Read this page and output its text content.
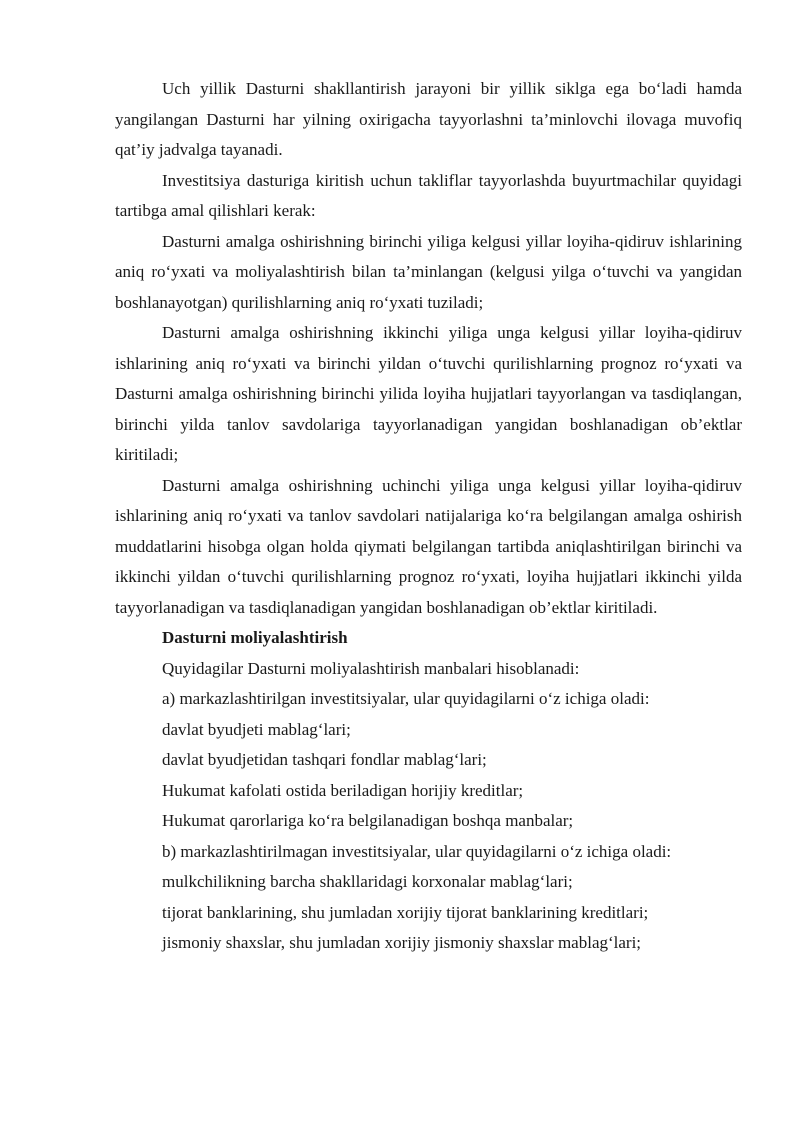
Uch yillik Dasturni shakllantirish jarayoni bir yillik siklga ega bo‘ladi hamda yangilangan Dasturni har yilning oxirigacha tayyorlashni ta’minlovchi ilovaga muvofiq qat’iy jadvalga tayanadi.

Investitsiya dasturiga kiritish uchun takliflar tayyorlashda buyurtmachilar quyidagi tartibga amal qilishlari kerak:

Dasturni amalga oshirishning birinchi yiliga kelgusi yillar loyiha-qidiruv ishlarining aniq ro‘yxati va moliyalashtirish bilan ta’minlangan (kelgusi yilga o‘tuvchi va yangidan boshlanayotgan) qurilishlarning aniq ro‘yxati tuziladi;

Dasturni amalga oshirishning ikkinchi yiliga unga kelgusi yillar loyiha-qidiruv ishlarining aniq ro‘yxati va birinchi yildan o‘tuvchi qurilishlarning prognoz ro‘yxati va Dasturni amalga oshirishning birinchi yilida loyiha hujjatlari tayyorlangan va tasdiqlangan, birinchi yilda tanlov savdolariga tayyorlanadigan yangidan boshlanadigan ob’ektlar kiritiladi;

Dasturni amalga oshirishning uchinchi yiliga unga kelgusi yillar loyiha-qidiruv ishlarining aniq ro‘yxati va tanlov savdolari natijalariga ko‘ra belgilangan amalga oshirish muddatlarini hisobga olgan holda qiymati belgilangan tartibda aniqlashtirilgan birinchi va ikkinchi yildan o‘tuvchi qurilishlarning prognoz ro‘yxati, loyiha hujjatlari ikkinchi yilda tayyorlanadigan va tasdiqlanadigan yangidan boshlanadigan ob’ektlar kiritiladi.

Dasturni moliyalashtirish

Quyidagilar Dasturni moliyalashtirish manbalari hisoblanadi:

a) markazlashtirilgan investitsiyalar, ular quyidagilarni o‘z ichiga oladi:

davlat byudjeti mablag‘lari;

davlat byudjetidan tashqari fondlar mablag‘lari;

Hukumat kafolati ostida beriladigan horijiy kreditlar;

Hukumat qarorlariga ko‘ra belgilanadigan boshqa manbalar;

b) markazlashtirilmagan investitsiyalar, ular quyidagilarni o‘z ichiga oladi:

mulkchilikning barcha shakllaridagi korxonalar mablag‘lari;

tijorat banklarining, shu jumladan xorijiy tijorat banklarining kreditlari;

jismoniy shaxslar, shu jumladan xorijiy jismoniy shaxslar mablag‘lari;
